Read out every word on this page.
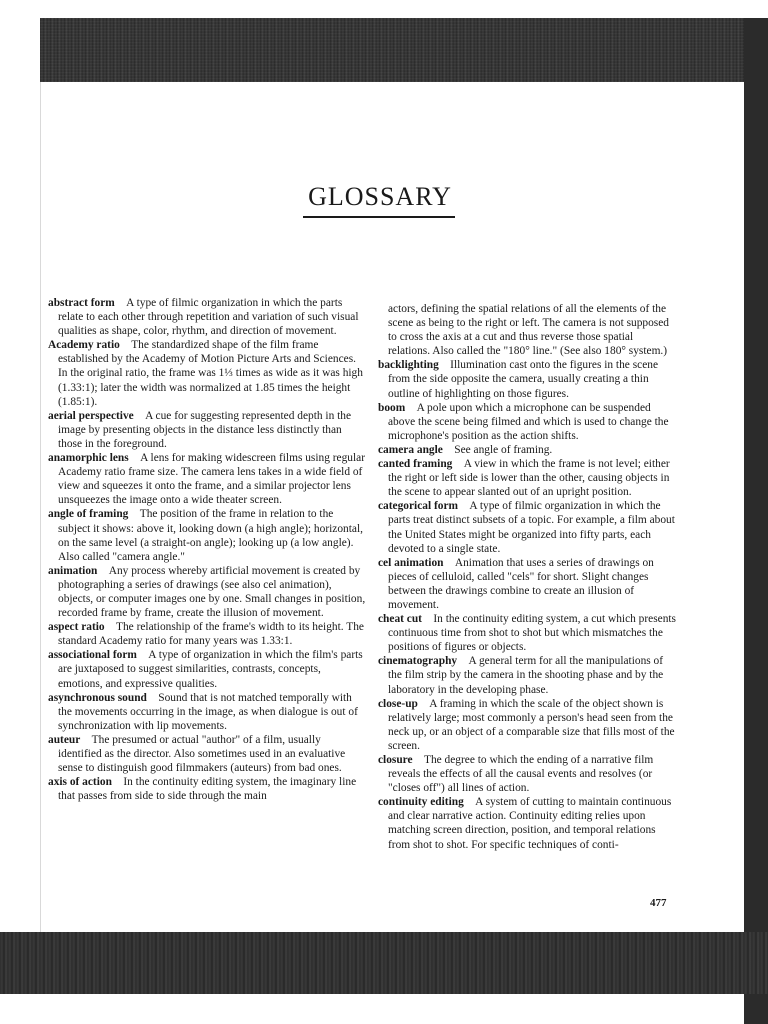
GLOSSARY

abstract form  A type of filmic organization in which the parts relate to each other through repetition and variation of such visual qualities as shape, color, rhythm, and direction of movement.

Academy ratio  The standardized shape of the film frame established by the Academy of Motion Picture Arts and Sciences. In the original ratio, the frame was 1⅓ times as wide as it was high (1.33:1); later the width was normalized at 1.85 times the height (1.85:1).

aerial perspective  A cue for suggesting represented depth in the image by presenting objects in the distance less distinctly than those in the foreground.

anamorphic lens  A lens for making widescreen films using regular Academy ratio frame size. The camera lens takes in a wide field of view and squeezes it onto the frame, and a similar projector lens unsqueezes the image onto a wide theater screen.

angle of framing  The position of the frame in relation to the subject it shows: above it, looking down (a high angle); horizontal, on the same level (a straight-on angle); looking up (a low angle). Also called "camera angle."

animation  Any process whereby artificial movement is created by photographing a series of drawings (see also cel animation), objects, or computer images one by one. Small changes in position, recorded frame by frame, create the illusion of movement.

aspect ratio  The relationship of the frame's width to its height. The standard Academy ratio for many years was 1.33:1.

associational form  A type of organization in which the film's parts are juxtaposed to suggest similarities, contrasts, concepts, emotions, and expressive qualities.

asynchronous sound  Sound that is not matched temporally with the movements occurring in the image, as when dialogue is out of synchronization with lip movements.

auteur  The presumed or actual "author" of a film, usually identified as the director. Also sometimes used in an evaluative sense to distinguish good filmmakers (auteurs) from bad ones.

axis of action  In the continuity editing system, the imaginary line that passes from side to side through the main

actors, defining the spatial relations of all the elements of the scene as being to the right or left. The camera is not supposed to cross the axis at a cut and thus reverse those spatial relations. Also called the "180° line." (See also 180° system.)

backlighting  Illumination cast onto the figures in the scene from the side opposite the camera, usually creating a thin outline of highlighting on those figures.

boom  A pole upon which a microphone can be suspended above the scene being filmed and which is used to change the microphone's position as the action shifts.

camera angle  See angle of framing.

canted framing  A view in which the frame is not level; either the right or left side is lower than the other, causing objects in the scene to appear slanted out of an upright position.

categorical form  A type of filmic organization in which the parts treat distinct subsets of a topic. For example, a film about the United States might be organized into fifty parts, each devoted to a single state.

cel animation  Animation that uses a series of drawings on pieces of celluloid, called "cels" for short. Slight changes between the drawings combine to create an illusion of movement.

cheat cut  In the continuity editing system, a cut which presents continuous time from shot to shot but which mismatches the positions of figures or objects.

cinematography  A general term for all the manipulations of the film strip by the camera in the shooting phase and by the laboratory in the developing phase.

close-up  A framing in which the scale of the object shown is relatively large; most commonly a person's head seen from the neck up, or an object of a comparable size that fills most of the screen.

closure  The degree to which the ending of a narrative film reveals the effects of all the causal events and resolves (or "closes off") all lines of action.

continuity editing  A system of cutting to maintain continuous and clear narrative action. Continuity editing relies upon matching screen direction, position, and temporal relations from shot to shot. For specific techniques of conti-

477
